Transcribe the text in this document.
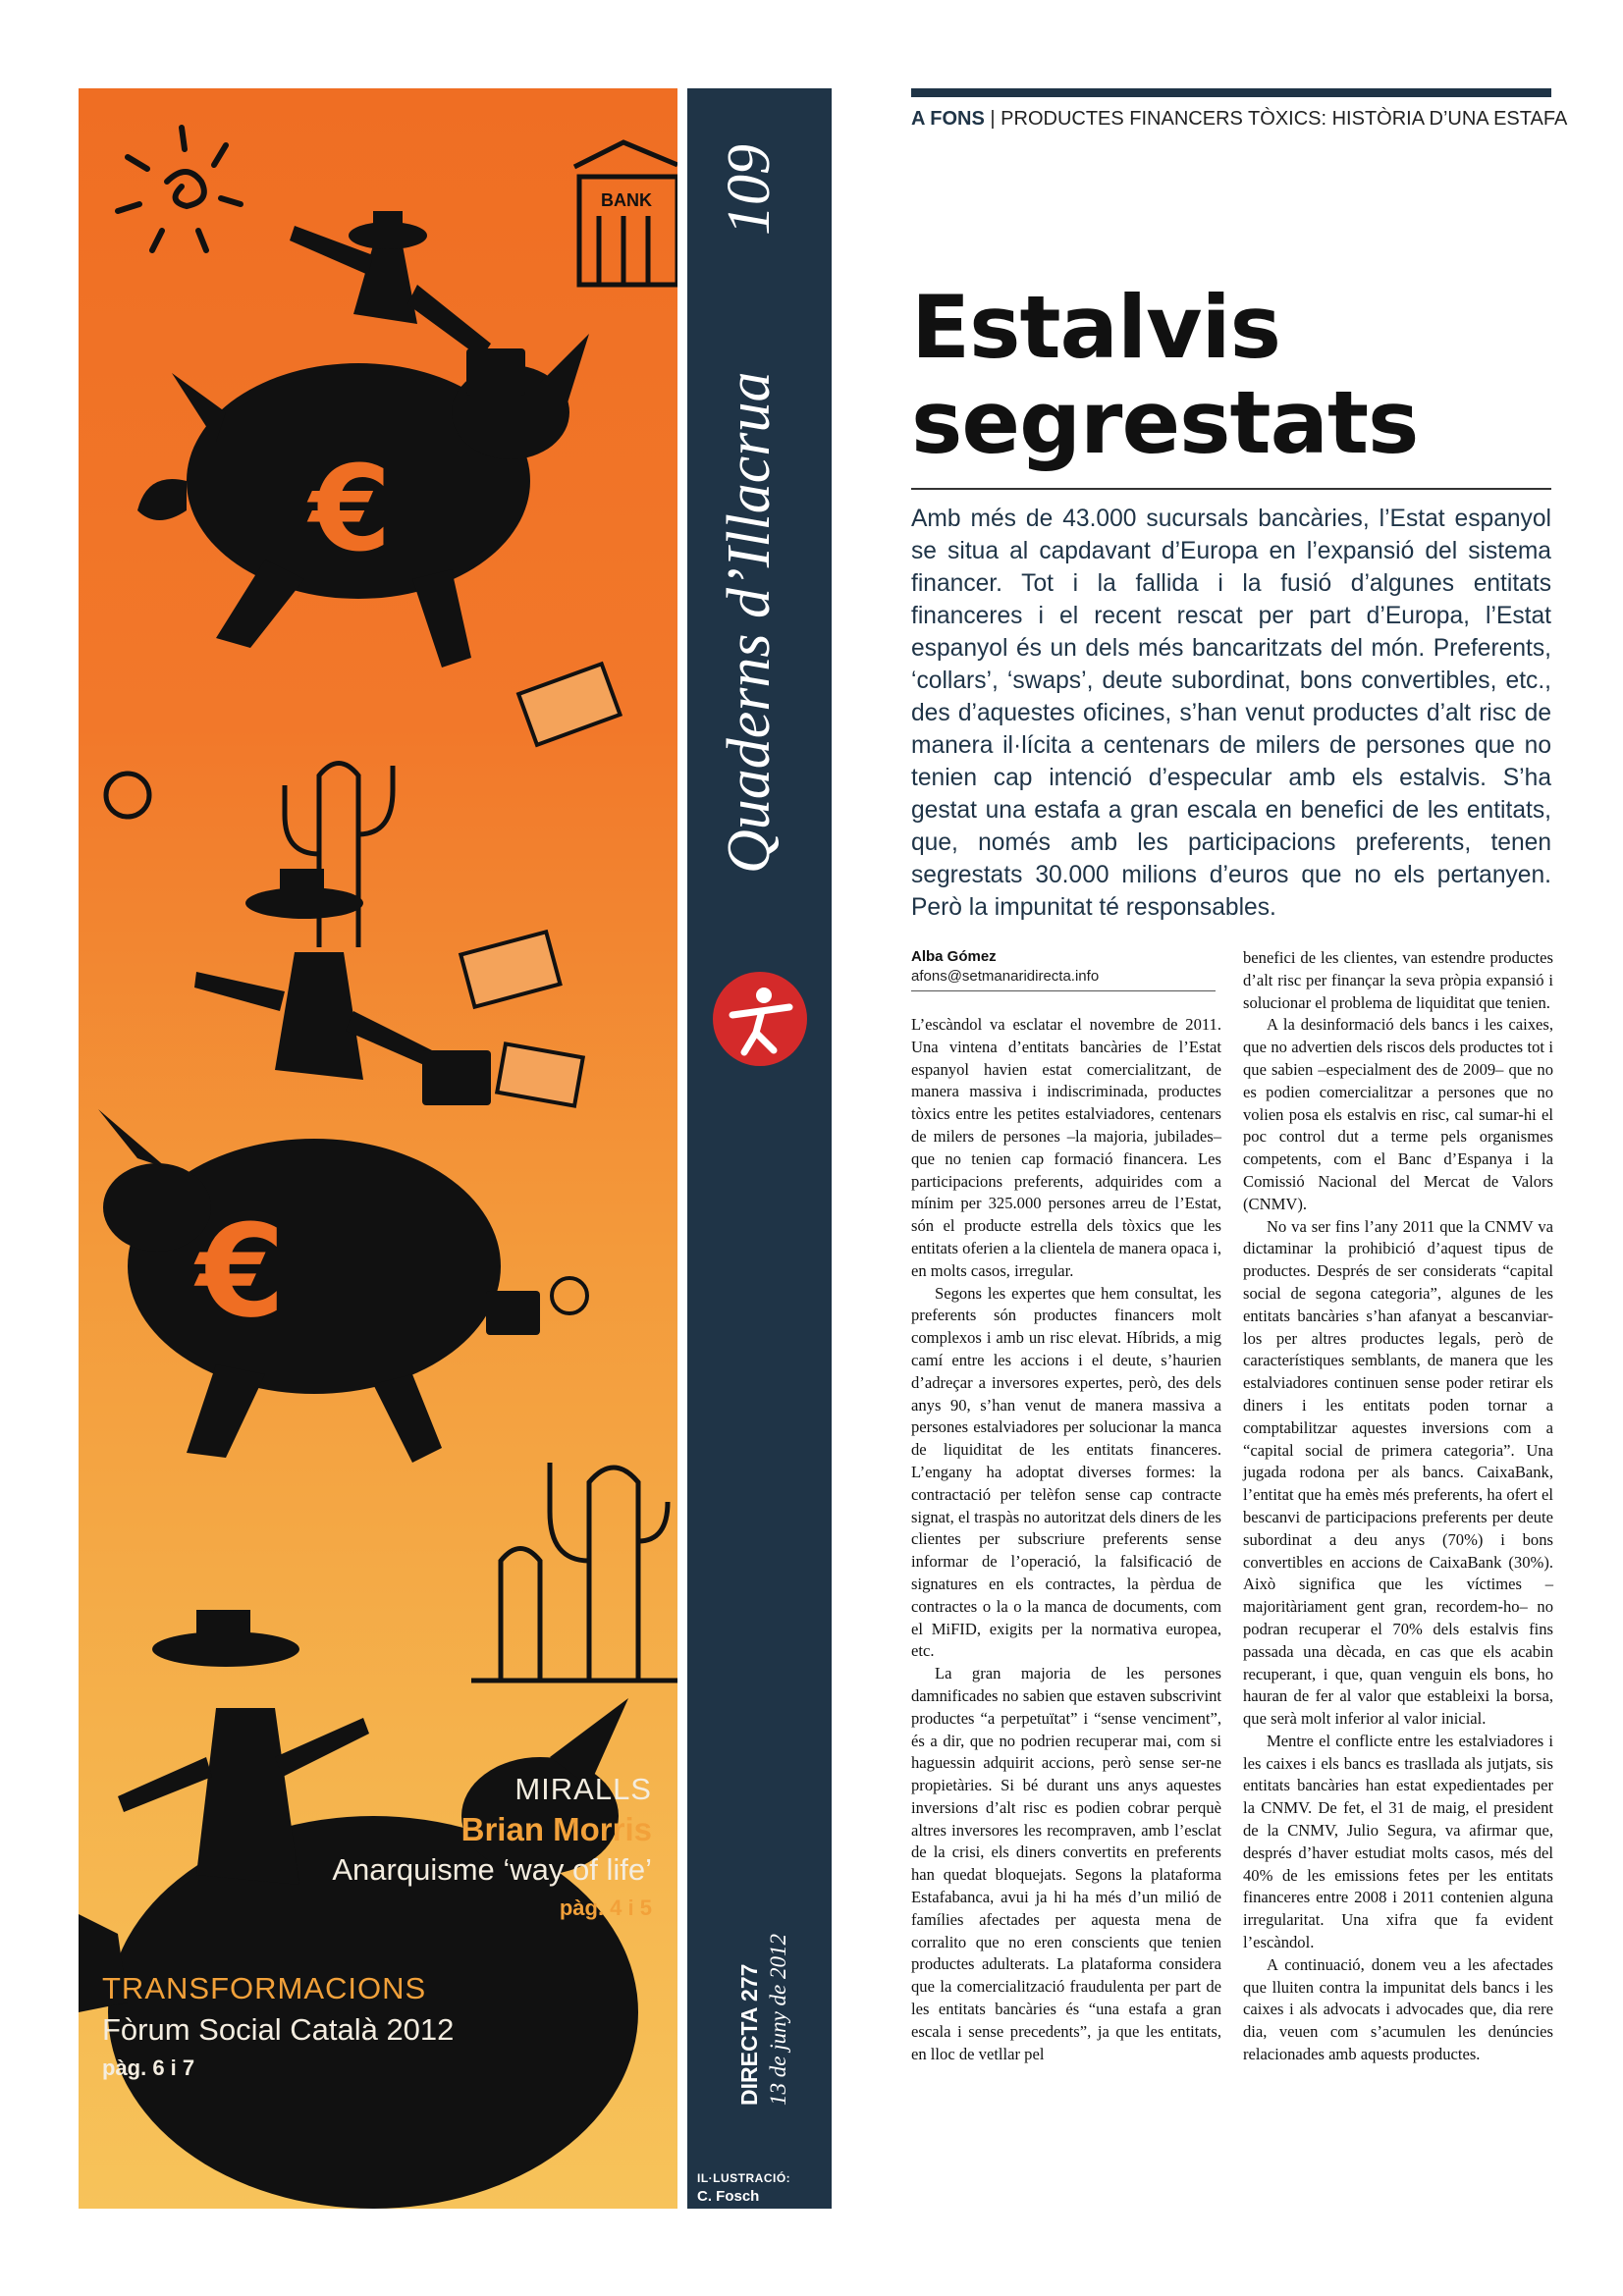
BANK
€
€
MIRALLS
Brian Morris
Anarquisme ‘way of life’
pàg. 4 i 5
TRANSFORMACIONS
Fòrum Social Català 2012
pàg. 6 i 7
Quaderns d’Illacrua
109
DIRECTA 277 13 de juny de 2012
IL·LUSTRACIÓ:
C. Fosch
A FONS | PRODUCTES FINANCERS TÒXICS: HISTÒRIA D’UNA ESTAFA
Estalvis
segrestats
Amb més de 43.000 sucursals bancàries, l’Estat espanyol se situa al capdavant d’Europa en l’expansió del sistema financer. Tot i la fallida i la fusió d’algunes entitats financeres i el recent rescat per part d’Europa, l’Estat espanyol és un dels més bancaritzats del món. Preferents, ‘collars’, ‘swaps’, deute subordinat, bons convertibles, etc., des d’aquestes oficines, s’han venut productes d’alt risc de manera il·lícita a centenars de milers de persones que no tenien cap intenció d’especular amb els estalvis. S’ha gestat una estafa a gran escala en benefici de les entitats, que, només amb les participacions preferents, tenen segrestats 30.000 milions d’euros que no els pertanyen. Però la impunitat té responsables.
Alba Gómez
afons@setmanaridirecta.info

L’escàndol va esclatar el novembre de 2011. Una vintena d’entitats bancàries de l’Estat espanyol havien estat comercialitzant, de manera massiva i indiscriminada, productes tòxics entre les petites estalviadores, centenars de milers de persones –la majoria, jubilades– que no tenien cap formació financera. Les participacions preferents, adquirides com a mínim per 325.000 persones arreu de l’Estat, són el producte estrella dels tòxics que les entitats oferien a la clientela de manera opaca i, en molts casos, irregular.

Segons les expertes que hem consultat, les preferents són productes financers molt complexos i amb un risc elevat. Híbrids, a mig camí entre les accions i el deute, s’haurien d’adreçar a inversores expertes, però, des dels anys 90, s’han venut de manera massiva a persones estalviadores per solucionar la manca de liquiditat de les entitats financeres. L’engany ha adoptat diverses formes: la contractació per telèfon sense cap contracte signat, el traspàs no autoritzat dels diners de les clientes per subscriure preferents sense informar de l’operació, la falsificació de signatures en els contractes, la pèrdua de contractes o la o la manca de documents, com el MiFID, exigits per la normativa europea, etc.

La gran majoria de les persones damnificades no sabien que estaven subscrivint productes “a perpetuïtat” i “sense venciment”, és a dir, que no podrien recuperar mai, com si haguessin adquirit accions, però sense ser-ne propietàries. Si bé durant uns anys aquestes inversions d’alt risc es podien cobrar perquè altres inversores les recompraven, amb l’esclat de la crisi, els diners convertits en preferents han quedat bloquejats. Segons la plataforma Estafabanca, avui ja hi ha més d’un milió de famílies afectades per aquesta mena de corralito que no eren conscients que tenien productes adulterats. La plataforma considera que la comercialització fraudulenta per part de les entitats bancàries és “una estafa a gran escala i sense precedents”, ja que les entitats, en lloc de vetllar pel

benefici de les clientes, van estendre productes d’alt risc per finançar la seva pròpia expansió i solucionar el problema de liquiditat que tenien.

A la desinformació dels bancs i les caixes, que no advertien dels riscos dels productes tot i que sabien –especialment des de 2009– que no es podien comercialitzar a persones que no volien posa els estalvis en risc, cal sumar-hi el poc control dut a terme pels organismes competents, com el Banc d’Espanya i la Comissió Nacional del Mercat de Valors (CNMV).

No va ser fins l’any 2011 que la CNMV va dictaminar la prohibició d’aquest tipus de productes. Després de ser considerats “capital social de segona categoria”, algunes de les entitats bancàries s’han afanyat a bescanviar-los per altres productes legals, però de característiques semblants, de manera que les estalviadores continuen sense poder retirar els diners i les entitats poden tornar a comptabilitzar aquestes inversions com a “capital social de primera categoria”. Una jugada rodona per als bancs. CaixaBank, l’entitat que ha emès més preferents, ha ofert el bescanvi de participacions preferents per deute subordinat a deu anys (70%) i bons convertibles en accions de CaixaBank (30%). Això significa que les víctimes –majoritàriament gent gran, recordem-ho– no podran recuperar el 70% dels estalvis fins passada una dècada, en cas que els acabin recuperant, i que, quan venguin els bons, ho hauran de fer al valor que estableixi la borsa, que serà molt inferior al valor inicial.

Mentre el conflicte entre les estalviadores i les caixes i els bancs es trasllada als jutjats, sis entitats bancàries han estat expedientades per la CNMV. De fet, el 31 de maig, el president de la CNMV, Julio Segura, va afirmar que, després d’haver estudiat molts casos, més del 40% de les emissions fetes per les entitats financeres entre 2008 i 2011 contenien alguna irregularitat. Una xifra que fa evident l’escàndol.

A continuació, donem veu a les afectades que lluiten contra la impunitat dels bancs i les caixes i als advocats i advocades que, dia rere dia, veuen com s’acumulen les denúncies relacionades amb aquests productes.
